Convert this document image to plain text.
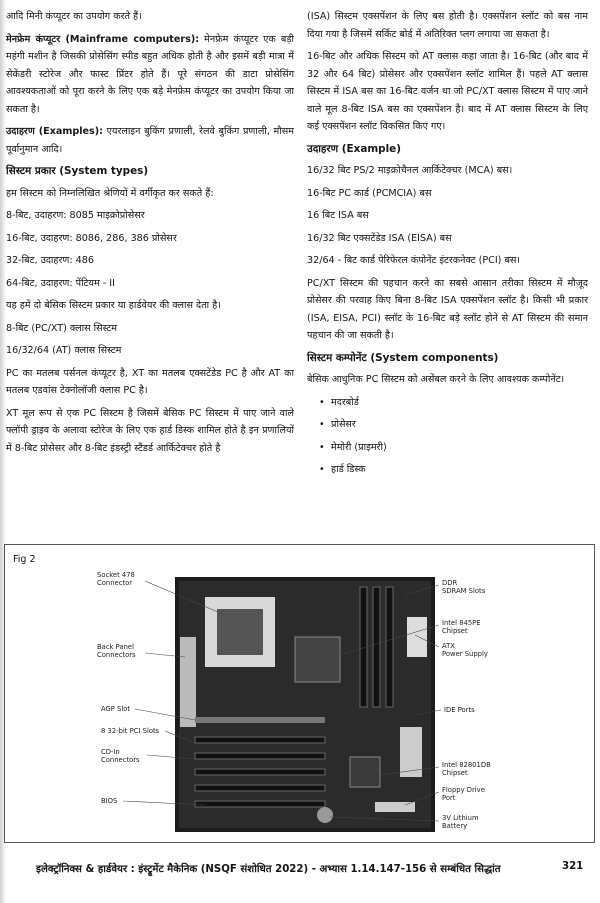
आदि मिनी कंप्यूटर का उपयोग करते हैं।

मेनफ्रेम कंप्यूटर (Mainframe computers): मेनफ्रेम कंप्यूटर एक बड़ी महंगी मशीन है जिसकी प्रोसेसिंग स्पीड बहुत अधिक होती है और इसमें बड़ी मात्रा में सेकेंडरी स्टोरेज और फास्ट प्रिंटर होते हैं। पूरे संगठन की डाटा प्रोसेसिंग आवश्यकताओं को पूरा करने के लिए एक बड़े मेनफ्रेम कंप्यूटर का उपयोग किया जा सकता है।

उदाहरण (Examples): एयरलाइन बुकिंग प्रणाली, रेलवे बुकिंग प्रणाली, मौसम पूर्वानुमान आदि।

सिस्टम प्रकार (System types)

हम सिस्टम को निम्नलिखित श्रेणियों में वर्गीकृत कर सकते हैं:

8-बिट, उदाहरण: 8085 माइक्रोप्रोसेसर

16-बिट, उदाहरण: 8086, 286, 386 प्रोसेसर

32-बिट, उदाहरण: 486

64-बिट, उदाहरण: पेंटियम - II

यह हमें दो बेसिक सिस्टम प्रकार या हार्डवेयर की क्लास देता है।

8-बिट (PC/XT) क्लास सिस्टम

16/32/64 (AT) क्लास सिस्टम

PC का मतलब पर्सनल कंप्यूटर है, XT का मतलब एक्सटेंडेड PC है और AT का मतलब एडवांस टेक्नोलॉजी क्लास PC है।

XT मूल रूप से एक PC सिस्टम है जिसमें बेसिक PC सिस्टम में पाए जाने वाले फ्लॉपी ड्राइव के अलावा स्टोरेज के लिए एक हार्ड डिस्क शामिल होते है इन प्रणालियों में 8-बिट प्रोसेसर और 8-बिट इंडस्ट्री स्टैंडर्ड आर्किटेक्चर होते है

(ISA) सिस्टम एक्सपेंशन के लिए बस होती है। एक्सपेंशन स्लॉट को बस नाम दिया गया है जिसमें सर्किट बोर्ड में अतिरिक्त प्लग लगाया जा सकता है।

16-बिट और अधिक सिस्टम को AT क्लास कहा जाता है। 16-बिट (और बाद में 32 और 64 बिट) प्रोसेसर और एक्सपेंशन स्लॉट शामिल हैं। पहले AT क्लास सिस्टम में ISA बस का 16-बिट वर्जन था जो PC/XT क्लास सिस्टम में पाए जाने वाले मूल 8-बिट ISA बस का एक्सपेंशन है। बाद में AT क्लास सिस्टम के लिए कई एक्सपेंशन स्लॉट विकसित किए गए।

उदाहरण (Example)

16/32 बिट PS/2 माइक्रोचैनल आर्किटेक्चर (MCA) बस।

16-बिट PC कार्ड (PCMCIA) बस

16 बिट ISA बस

16/32 बिट एक्सटेंडेड ISA (EISA) बस

32/64 - बिट कार्ड पेरिफेरल कंपोनेंट इंटरकनेक्ट (PCI) बस।

PC/XT सिस्टम की पहचान करने का सबसे आसान तरीका सिस्टम में मौजूद प्रोसेसर की परवाह किए बिना 8-बिट ISA एक्सपेंशन स्लॉट है। किसी भी प्रकार (ISA, EISA, PCI) स्लॉट के 16-बिट बड़े स्लॉट होने से AT सिस्टम की समान पहचान की जा सकती है।

सिस्टम कम्पोनेंट (System components)

बेसिक आधुनिक PC सिस्टम को असेंबल करने के लिए आवश्यक कम्पोनेंट।

• मदरबोर्ड
• प्रोसेसर
• मेमोरी (प्राइमरी)
• हार्ड डिस्क
Fig 2
Socket 478
Connector
Back Panel
Connectors
AGP Slot
8 32-bit PCI Slots
CD-In
Connectors
BIOS
DDR
SDRAM Slots
Intel 845PE
Chipset
ATX
Power Supply
IDE Ports
Intel 82801DB
Chipset
Floppy Drive
Port
3V Lithium
Battery
इलेक्ट्रॉनिक्स & हार्डवेयर : इंस्ट्रूमेंट मैकेनिक (NSQF संशोधित 2022) - अभ्यास 1.14.147-156 से सम्बंधित सिद्धांत	321
